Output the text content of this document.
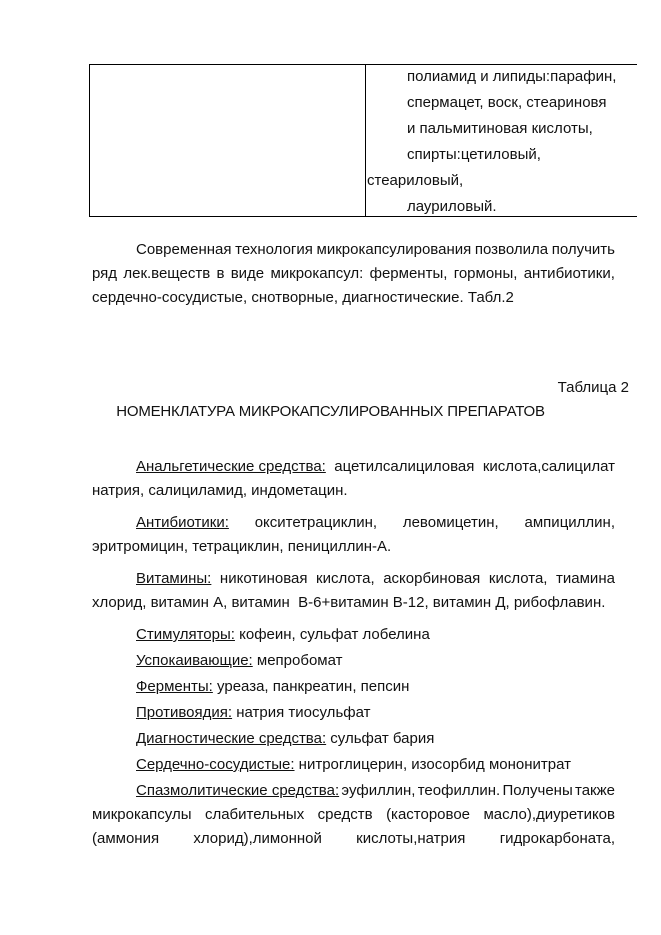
полиамид и липиды:парафин,
спермацет, воск, стеариновя
и пальмитиновая кислоты,
спирты:цетиловый,
стеариловый,
лауриловый.
Современная технология микрокапсулирования позволила получить
ряд лек.веществ в виде микрокапсул: ферменты, гормоны, антибиотики,
сердечно-сосудистые, снотворные, диагностические. Табл.2
Таблица 2
НОМЕНКЛАТУРА МИКРОКАПСУЛИРОВАННЫХ ПРЕПАРАТОВ
Анальгетические средства: ацетилсалициловая кислота,салицилат
натрия, салициламид, индометацин.
Антибиотики: окситетрациклин, левомицетин, ампициллин,
эритромицин, тетрациклин, пенициллин-А.
Витамины: никотиновая кислота, аскорбиновая кислота, тиамина
хлорид, витамин А, витамин  В-6+витамин В-12, витамин Д, рибофлавин.
Стимуляторы: кофеин, сульфат лобелина
Успокаивающие: мепробомат
Ферменты: уреаза, панкреатин, пепсин
Противоядия: натрия тиосульфат
Диагностические средства: сульфат бария
Сердечно-сосудистые: нитроглицерин, изосорбид мононитрат
Спазмолитические средства: эуфиллин, теофиллин. Получены также
микрокапсулы слабительных средств (касторовое масло),диуретиков
(аммония хлорид),лимонной кислоты,натрия гидрокарбоната,
